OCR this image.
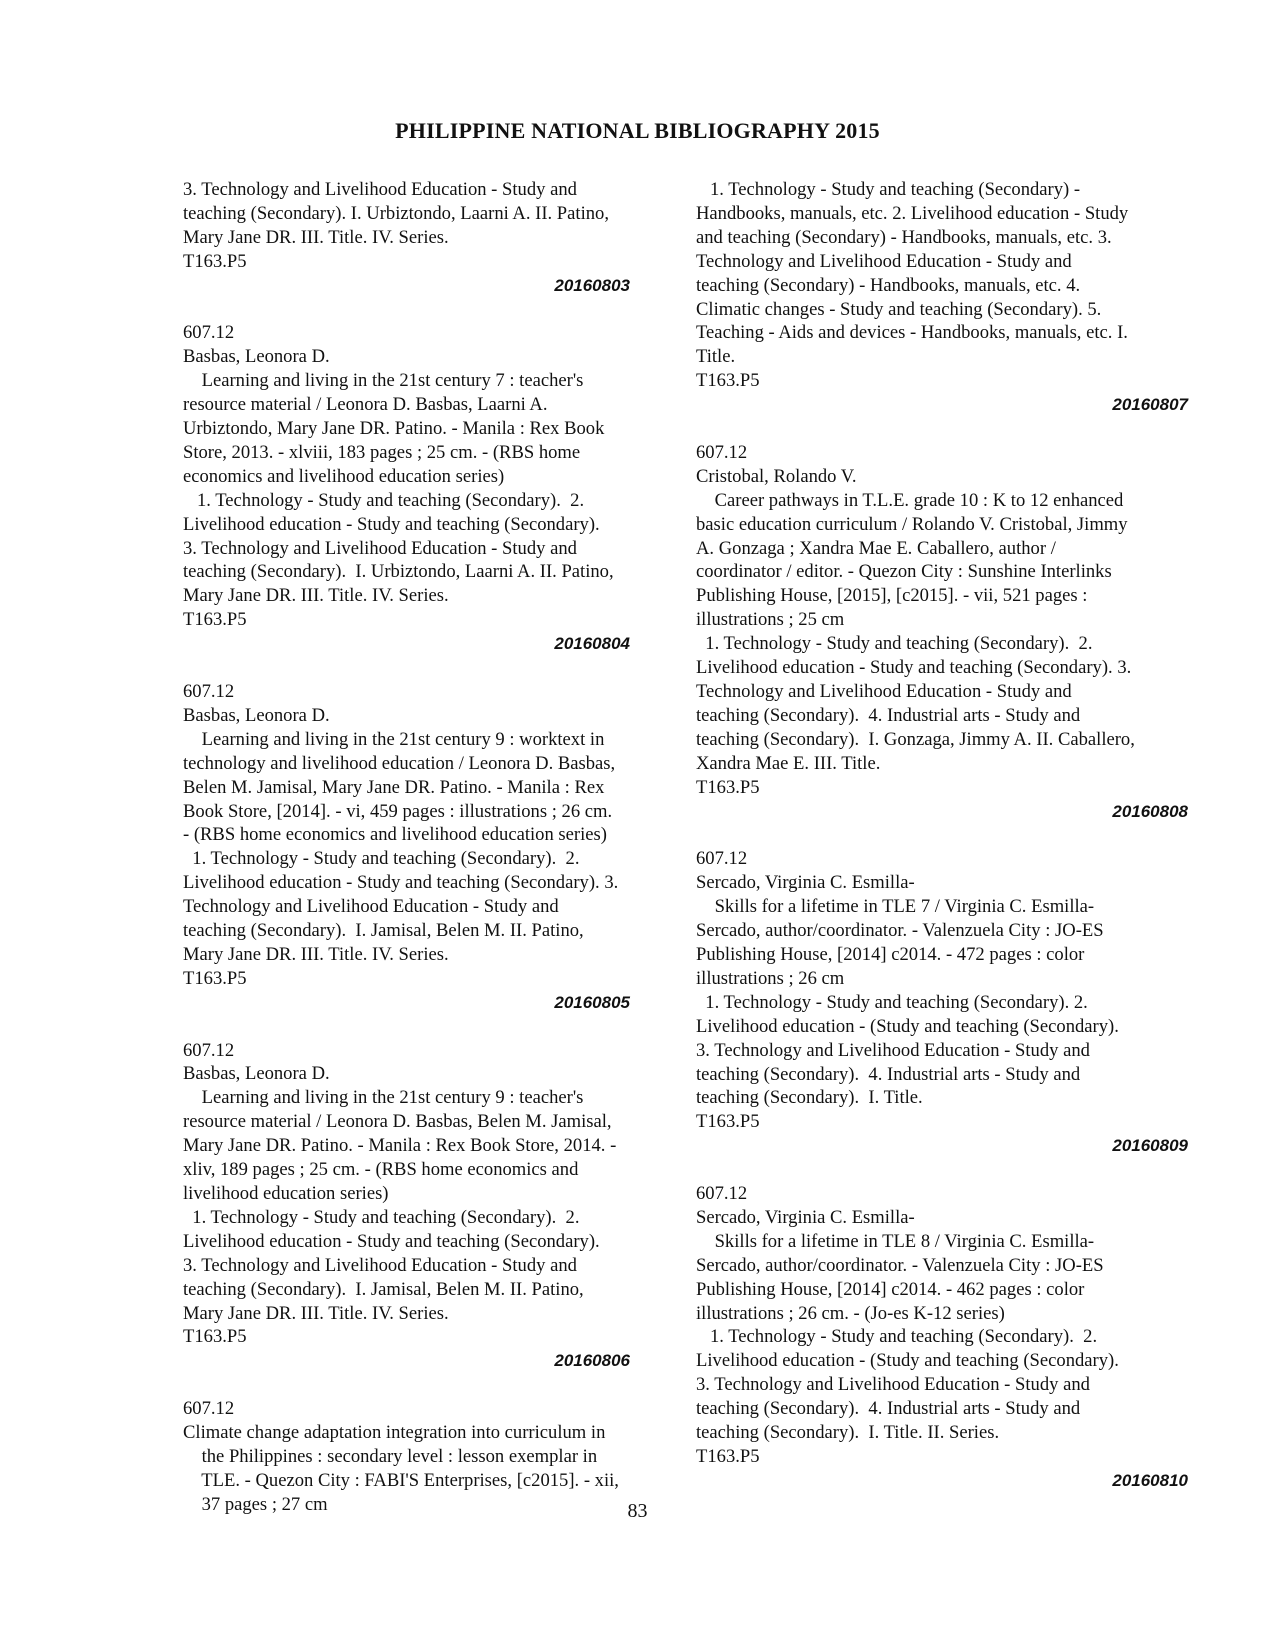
PHILIPPINE NATIONAL BIBLIOGRAPHY 2015
3. Technology and Livelihood Education - Study and
teaching (Secondary). I. Urbiztondo, Laarni A. II. Patino,
Mary Jane DR. III. Title. IV. Series.
T163.P5
20160803
607.12
Basbas, Leonora D.
Learning and living in the 21st century 7 : teacher's
resource material / Leonora D. Basbas, Laarni A.
Urbiztondo, Mary Jane DR. Patino. - Manila : Rex Book
Store, 2013. - xlviii, 183 pages ; 25 cm. - (RBS home
economics and livelihood education series)
1. Technology - Study and teaching (Secondary).  2.
Livelihood education - Study and teaching (Secondary).
3. Technology and Livelihood Education - Study and
teaching (Secondary).  I. Urbiztondo, Laarni A. II. Patino,
Mary Jane DR. III. Title. IV. Series.
T163.P5
20160804
607.12
Basbas, Leonora D.
Learning and living in the 21st century 9 : worktext in
technology and livelihood education / Leonora D. Basbas,
Belen M. Jamisal, Mary Jane DR. Patino. - Manila : Rex
Book Store, [2014]. - vi, 459 pages : illustrations ; 26 cm.
- (RBS home economics and livelihood education series)
1. Technology - Study and teaching (Secondary).  2.
Livelihood education - Study and teaching (Secondary). 3.
Technology and Livelihood Education - Study and
teaching (Secondary).  I. Jamisal, Belen M. II. Patino,
Mary Jane DR. III. Title. IV. Series.
T163.P5
20160805
607.12
Basbas, Leonora D.
Learning and living in the 21st century 9 : teacher's
resource material / Leonora D. Basbas, Belen M. Jamisal,
Mary Jane DR. Patino. - Manila : Rex Book Store, 2014. -
xliv, 189 pages ; 25 cm. - (RBS home economics and
livelihood education series)
1. Technology - Study and teaching (Secondary).  2.
Livelihood education - Study and teaching (Secondary).
3. Technology and Livelihood Education - Study and
teaching (Secondary).  I. Jamisal, Belen M. II. Patino,
Mary Jane DR. III. Title. IV. Series.
T163.P5
20160806
607.12
Climate change adaptation integration into curriculum in
the Philippines : secondary level : lesson exemplar in
TLE. - Quezon City : FABI'S Enterprises, [c2015]. - xii,
37 pages ; 27 cm
1. Technology - Study and teaching (Secondary) -
Handbooks, manuals, etc. 2. Livelihood education - Study
and teaching (Secondary) - Handbooks, manuals, etc. 3.
Technology and Livelihood Education - Study and
teaching (Secondary) - Handbooks, manuals, etc. 4.
Climatic changes - Study and teaching (Secondary). 5.
Teaching - Aids and devices - Handbooks, manuals, etc. I.
Title.
T163.P5
20160807
607.12
Cristobal, Rolando V.
Career pathways in T.L.E. grade 10 : K to 12 enhanced
basic education curriculum / Rolando V. Cristobal, Jimmy
A. Gonzaga ; Xandra Mae E. Caballero, author /
coordinator / editor. - Quezon City : Sunshine Interlinks
Publishing House, [2015], [c2015]. - vii, 521 pages :
illustrations ; 25 cm
1. Technology - Study and teaching (Secondary).  2.
Livelihood education - Study and teaching (Secondary). 3.
Technology and Livelihood Education - Study and
teaching (Secondary).  4. Industrial arts - Study and
teaching (Secondary).  I. Gonzaga, Jimmy A. II. Caballero,
Xandra Mae E. III. Title.
T163.P5
20160808
607.12
Sercado, Virginia C. Esmilla-
Skills for a lifetime in TLE 7 / Virginia C. Esmilla-
Sercado, author/coordinator. - Valenzuela City : JO-ES
Publishing House, [2014] c2014. - 472 pages : color
illustrations ; 26 cm
1. Technology - Study and teaching (Secondary). 2.
Livelihood education - (Study and teaching (Secondary).
3. Technology and Livelihood Education - Study and
teaching (Secondary).  4. Industrial arts - Study and
teaching (Secondary).  I. Title.
T163.P5
20160809
607.12
Sercado, Virginia C. Esmilla-
Skills for a lifetime in TLE 8 / Virginia C. Esmilla-
Sercado, author/coordinator. - Valenzuela City : JO-ES
Publishing House, [2014] c2014. - 462 pages : color
illustrations ; 26 cm. - (Jo-es K-12 series)
1. Technology - Study and teaching (Secondary).  2.
Livelihood education - (Study and teaching (Secondary).
3. Technology and Livelihood Education - Study and
teaching (Secondary).  4. Industrial arts - Study and
teaching (Secondary).  I. Title. II. Series.
T163.P5
20160810
83
